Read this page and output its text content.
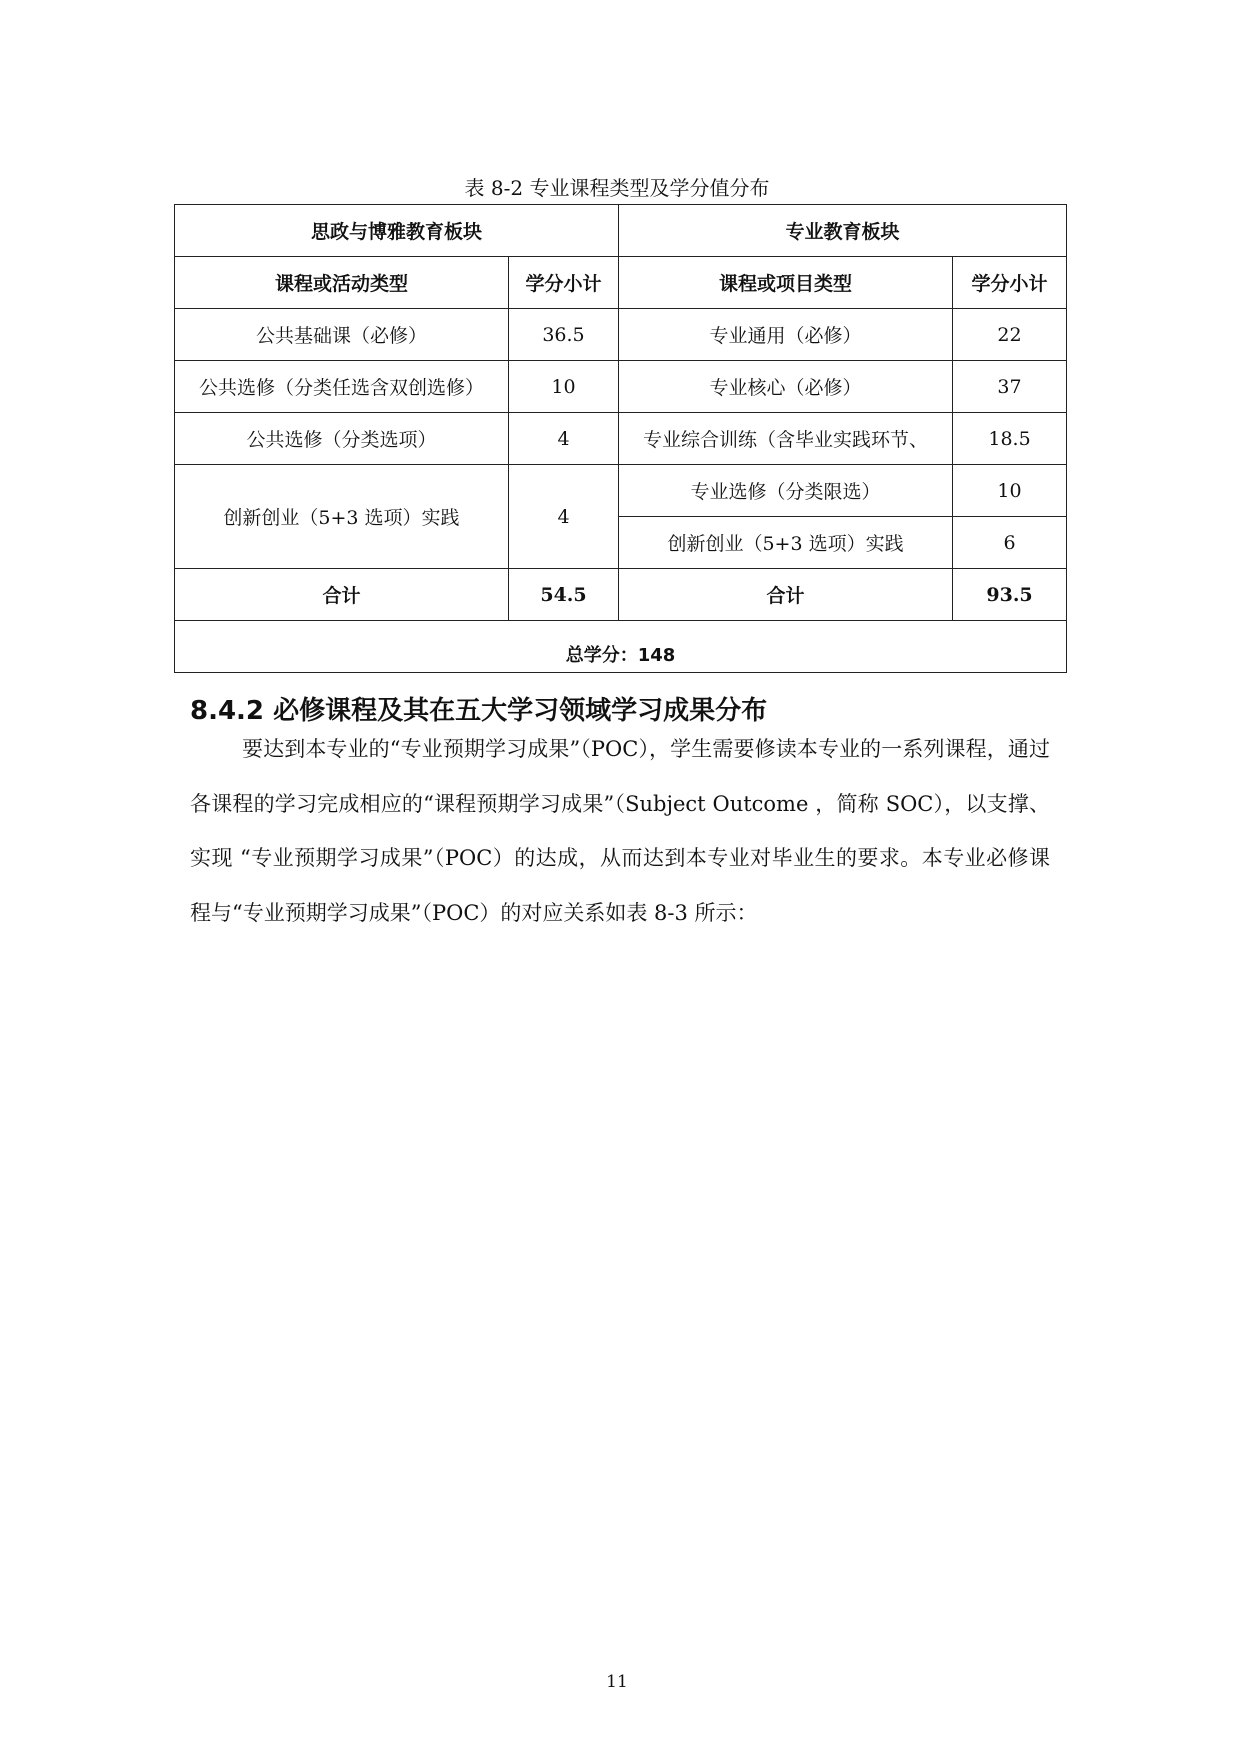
表 8-2 专业课程类型及学分值分布
思政与博雅教育板块		专业教育板块	
课程或活动类型	学分小计	课程或项目类型	学分小计
公共基础课（必修）	36.5	专业通用（必修）	22
公共选修（分类任选含双创选修）	10	专业核心（必修）	37
公共选修（分类选项）	4	专业综合训练（含毕业实践环节、	18.5
创新创业（5+3 选项）实践	4	专业选修（分类限选）	10
		创新创业（5+3 选项）实践	6
合计	54.5	合计	93.5
总学分：148			
8.4.2 必修课程及其在五大学习领域学习成果分布

要达到本专业的“专业预期学习成果”（POC），学生需要修读本专业的一系列课程，通过各课程的学习完成相应的“课程预期学习成果”（Subject Outcome ，简称 SOC），以支撑、实现 “专业预期学习成果”（POC）的达成，从而达到本专业对毕业生的要求。本专业必修课程与“专业预期学习成果”（POC）的对应关系如表 8-3 所示：

11
